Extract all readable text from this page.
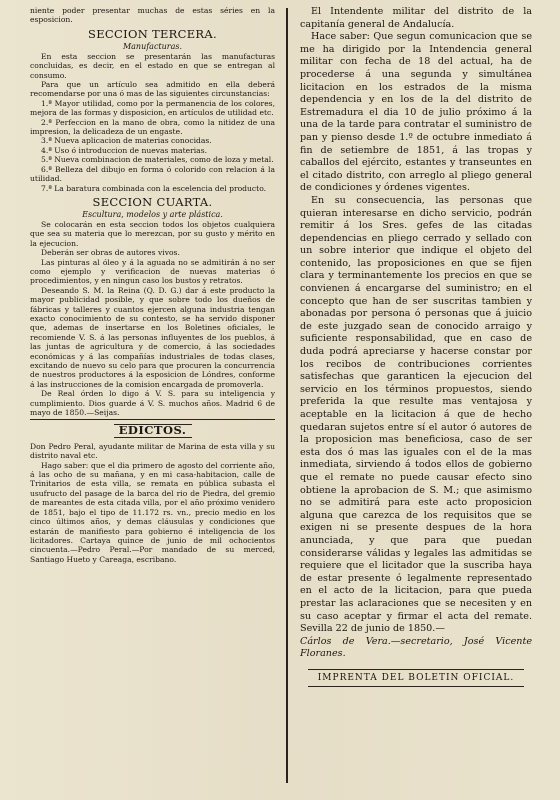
niente poder presentar muchas de estas séries en la esposicion.

SECCION TERCERA.
Manufacturas.

En esta seccion se presentarán las manufacturas concluidas, es decir, en el estado en que se entregan al consumo.

Para que un artículo sea admitido en ella deberá recomendarse por una ó mas de las siguientes circunstancias:

1.ª Mayor utilidad, como por la permanencia de los colores, mejora de las formas y disposicion, en artículos de utilidad etc.

2.ª Perfeccion en la mano de obra, como la nitidez de una impresion, la delicadeza de un engaste.

3.ª Nueva aplicacion de materias conocidas.

4.ª Uso ó introduccion de nuevas materias.

5.ª Nueva combinacion de materiales, como de loza y metal.

6.ª Belleza del dibujo en forma ó colorido con relacion á la utilidad.

7.ª La baratura combinada con la escelencia del producto.

SECCION CUARTA.
Escultura, modelos y arte plástica.

Se colocarán en esta seccion todos los objetos cualquiera que sea su materia que lo merezcan, por su gusto y mérito en la ejecucion.

Deberán ser obras de autores vivos.

Las pinturas al óleo y á la aguada no se admitirán á no ser como ejemplo y verificacion de nuevas materias ó procedimientos, y en ningun caso los bustos y retratos.

Deseando S. M. la Reina (Q. D. G.) dar á este producto la mayor publicidad posible, y que sobre todo los dueños de fábricas y talleres y cuantos ejercen alguna industria tengan exacto conocimiento de su contesto, se ha servido disponer que, ademas de insertarse en los Boletines oficiales, le recomiende V. S. á las personas influyentes de los pueblos, á las juntas de agricultura y de comercio, á las sociedades económicas y á las compañías industriales de todas clases, excitando de nuevo su celo para que procuren la concurrencia de nuestros productores á la esposicion de Lóndres, conforme á las instrucciones de la comision encargada de promoverla.

De Real órden lo digo á V. S. para su inteligencia y cumplimiento. Dios guarde á V. S. muchos años. Madrid 6 de mayo de 1850.—Seijas.

EDICTOS.

Don Pedro Peral, ayudante militar de Marina de esta villa y su distrito naval etc.

Hago saber: que el dia primero de agosto del corriente año, á las ocho de su mañana, y en mi casa-habitacion, calle de Trinitarios de esta villa, se remata en pública subasta el usufructo del pasage de la barca del rio de Piedra, del gremio de mareantes de esta citada villa, por el año próximo venidero de 1851, bajo el tipo de 11.172 rs. vn., precio medio en los cinco últimos años, y demas cláusulas y condiciones que estarán de manifiesto para gobierno é inteligencia de los licitadores. Cartaya quince de junio de mil ochocientos cincuenta.—Pedro Peral.—Por mandado de su merced, Santiago Hueto y Careaga, escribano.

El Intendente militar del distrito de la capitanía general de Andalucía.

Hace saber: Que segun comunicacion que se me ha dirigido por la Intendencia general militar con fecha de 18 del actual, ha de procederse á una segunda y simultánea licitacion en los estrados de la misma dependencia y en los de la del distrito de Estremadura el dia 10 de julio próximo á la una de la tarde para contratar el suministro de pan y pienso desde 1.º de octubre inmediato á fin de setiembre de 1851, á las tropas y caballos del ejército, estantes y transeuntes en el citado distrito, con arreglo al pliego general de condiciones y órdenes vigentes.

En su consecuencia, las personas que quieran interesarse en dicho servicio, podrán remitir á los Sres. gefes de las citadas dependencias en pliego cerrado y sellado con un sobre interior que indique el objeto del contenido, las proposiciones en que se fijen clara y terminantemente los precios en que se convienen á encargarse del suministro; en el concepto que han de ser suscritas tambien y abonadas por persona ó personas que á juicio de este juzgado sean de conocido arraigo y suficiente responsabilidad, que en caso de duda podrá apreciarse y hacerse constar por los recibos de contribuciones corrientes satisfechas que garanticen la ejecucion del servicio en los términos propuestos, siendo preferida la que resulte mas ventajosa y aceptable en la licitacion á que de hecho quedaran sujetos entre sí el autor ó autores de la proposicion mas beneficiosa, caso de ser esta dos ó mas las iguales con el de la mas inmediata, sirviendo á todos ellos de gobierno que el remate no puede causar efecto sino obtiene la aprobacion de S. M.; que asimismo no se admitirá para este acto proposicion alguna que carezca de los requisitos que se exigen ni se presente despues de la hora anunciada, y que para que puedan considerarse válidas y legales las admitidas se requiere que el licitador que la suscriba haya de estar presente ó legalmente representado en el acto de la licitacion, para que pueda prestar las aclaraciones que se necesiten y en su caso aceptar y firmar el acta del remate. Sevilla 22 de junio de 1850.—

Cárlos de Vera.—secretario, José Vicente Floranes.

IMPRENTA DEL BOLETIN OFICIAL.
